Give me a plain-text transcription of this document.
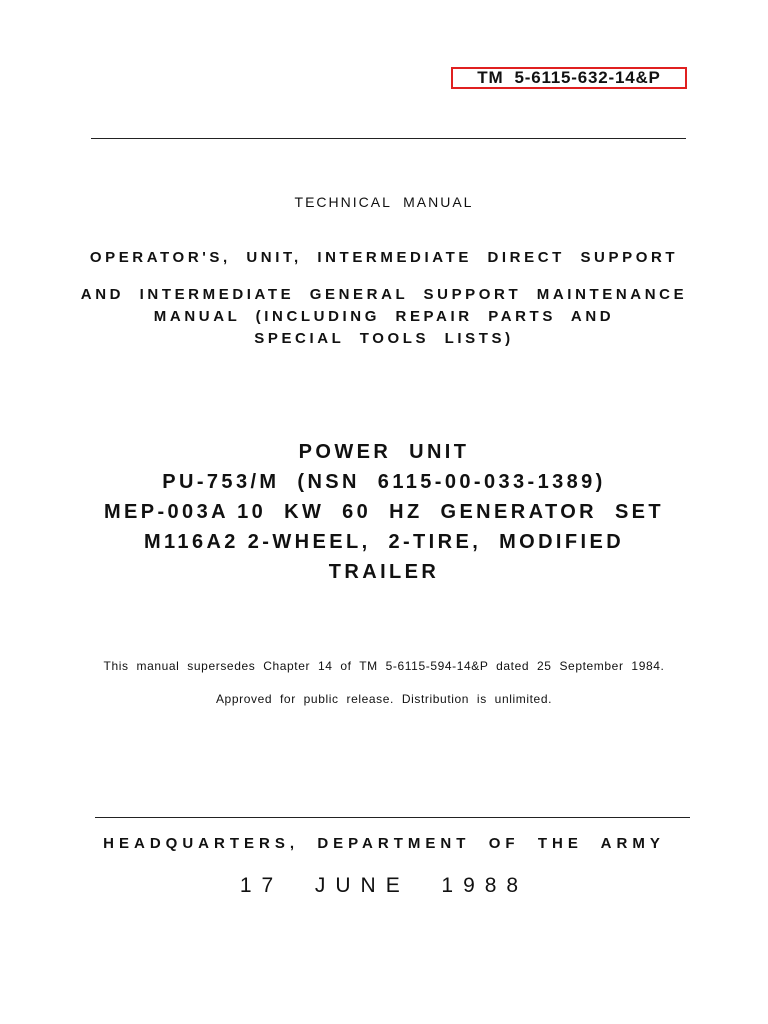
TM  5-6115-632-14&P
TECHNICAL  MANUAL
OPERATOR'S,  UNIT,  INTERMEDIATE  DIRECT  SUPPORT
AND  INTERMEDIATE  GENERAL  SUPPORT  MAINTENANCE
MANUAL  (INCLUDING  REPAIR  PARTS  AND
SPECIAL  TOOLS  LISTS)
POWER  UNIT
PU-753/M  (NSN  6115-00-033-1389)
MEP-003A 10  KW  60  HZ  GENERATOR  SET
M116A2 2-WHEEL,  2-TIRE,  MODIFIED
TRAILER
This  manual  supersedes  Chapter  14  of  TM  5-6115-594-14&P  dated  25  September  1984.
Approved  for  public  release.  Distribution  is  unlimited.
HEADQUARTERS,  DEPARTMENT  OF  THE  ARMY
17  JUNE  1988
